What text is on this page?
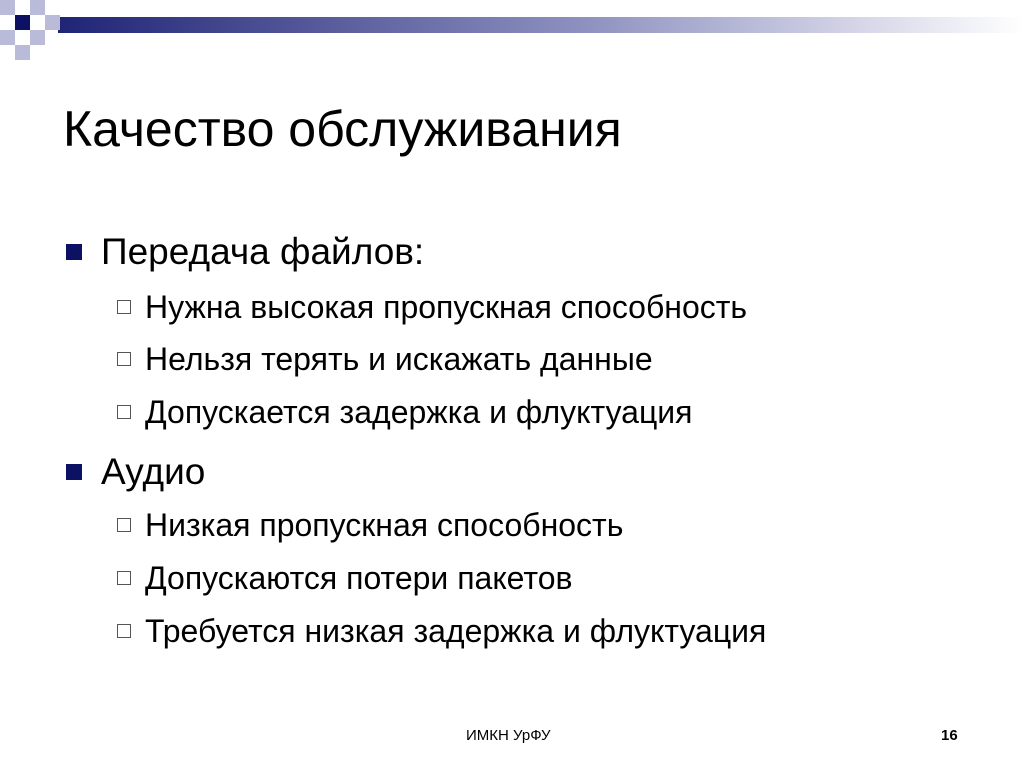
Качество обслуживания
Передача файлов:
Нужна высокая пропускная способность
Нельзя терять и искажать данные
Допускается задержка и флуктуация
Аудио
Низкая пропускная способность
Допускаются потери пакетов
Требуется низкая задержка и флуктуация
ИМКН УрФУ	16
